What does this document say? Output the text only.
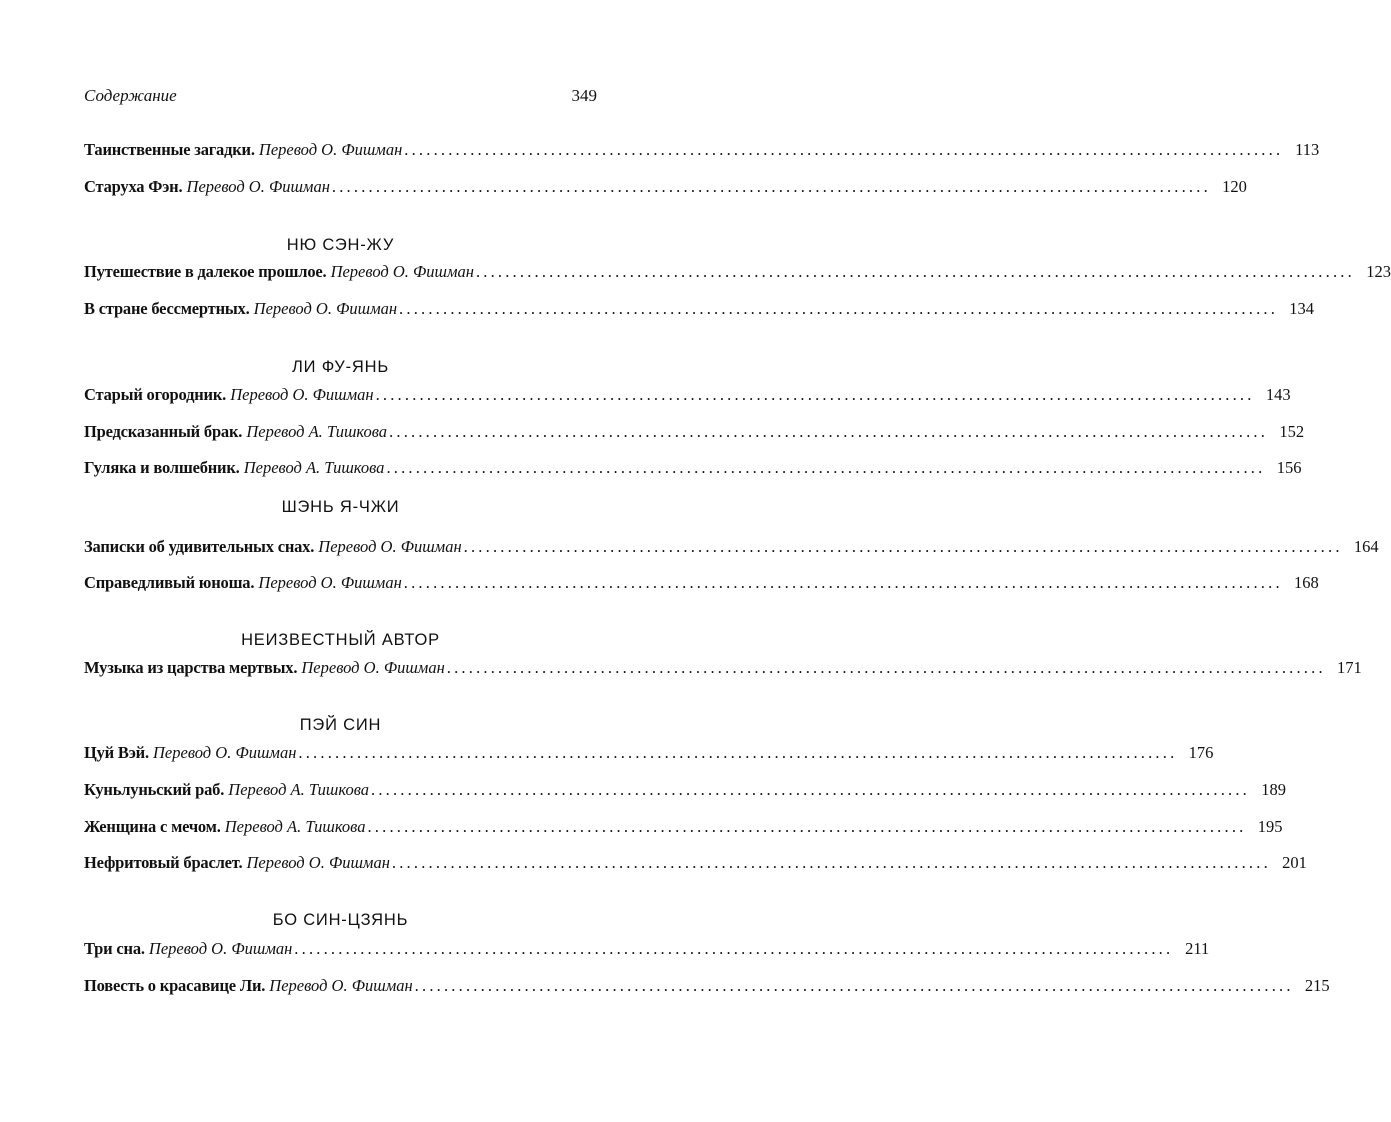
Содержание	349
Таинственные загадки. Перевод О. Фишман ........................................................................................................................ 113
Старуха Фэн. Перевод О. Фишман ........................................................................................................................ 120
НЮ СЭН-ЖУ
Путешествие в далекое прошлое. Перевод О. Фишман ........................................................................................................................ 123
В стране бессмертных. Перевод О. Фишман ........................................................................................................................ 134
ЛИ ФУ-ЯНЬ
Старый огородник. Перевод О. Фишман ........................................................................................................................ 143
Предсказанный брак. Перевод А. Тишкова ........................................................................................................................ 152
Гуляка и волшебник. Перевод А. Тишкова ........................................................................................................................ 156
ШЭНЬ Я-ЧЖИ
Записки об удивительных снах. Перевод О. Фишман ........................................................................................................................ 164
Справедливый юноша. Перевод О. Фишман ........................................................................................................................ 168
НЕИЗВЕСТНЫЙ АВТОР
Музыка из царства мертвых. Перевод О. Фишман ........................................................................................................................ 171
ПЭЙ СИН
Цуй Вэй. Перевод О. Фишман ........................................................................................................................ 176
Куньлуньский раб. Перевод А. Тишкова ........................................................................................................................ 189
Женщина с мечом. Перевод А. Тишкова ........................................................................................................................ 195
Нефритовый браслет. Перевод О. Фишман ........................................................................................................................ 201
БО СИН-ЦЗЯНЬ
Три сна. Перевод О. Фишман ........................................................................................................................ 211
Повесть о красавице Ли. Перевод О. Фишман ........................................................................................................................ 215
